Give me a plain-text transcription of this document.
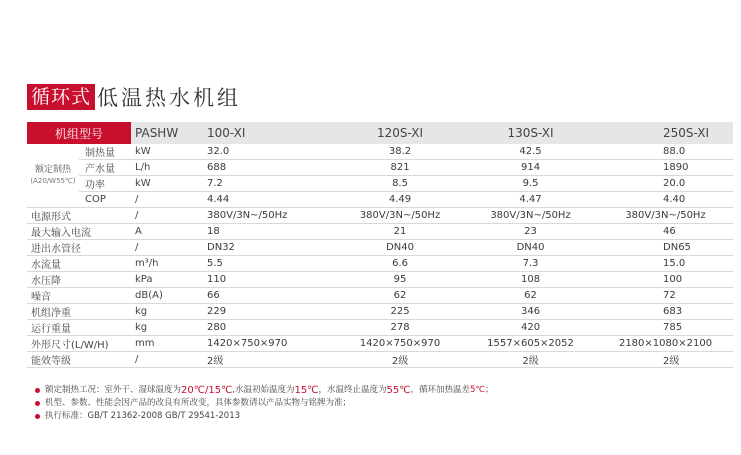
循环式 低温热水机组
机组型号		PASHW	100-XI	120S-XI	130S-XI	250S-XI
额定制热
(A20/W55℃)	制热量	kW	32.0	38.2	42.5	88.0
	产水量	L/h	688	821	914	1890
	功率	kW	7.2	8.5	9.5	20.0
	COP	/	4.44	4.49	4.47	4.40
电源形式		/	380V/3N~/50Hz	380V/3N~/50Hz	380V/3N~/50Hz	380V/3N~/50Hz
最大输入电流		A	18	21	23	46
进出水管径		/	DN32	DN40	DN40	DN65
水流量		m³/h	5.5	6.6	7.3	15.0
水压降		kPa	110	95	108	100
噪音		dB(A)	66	62	62	72
机组净重		kg	229	225	346	683
运行重量		kg	280	278	420	785
外形尺寸(L/W/H)		mm	1420×750×970	1420×750×970	1557×605×2052	2180×1080×2100
能效等级		/	2级	2级	2级	2级
额定制热工况：室外干、湿球温度为 20℃/15℃ ,水温初始温度为 15℃ ，水温终止温度为 55℃ ，循环加热温差 5℃ ；
机型、参数、性能会因产品的改良有所改变，具体参数请以产品实物与铭牌为准；
执行标准：GB/T 21362-2008 GB/T 29541-2013
